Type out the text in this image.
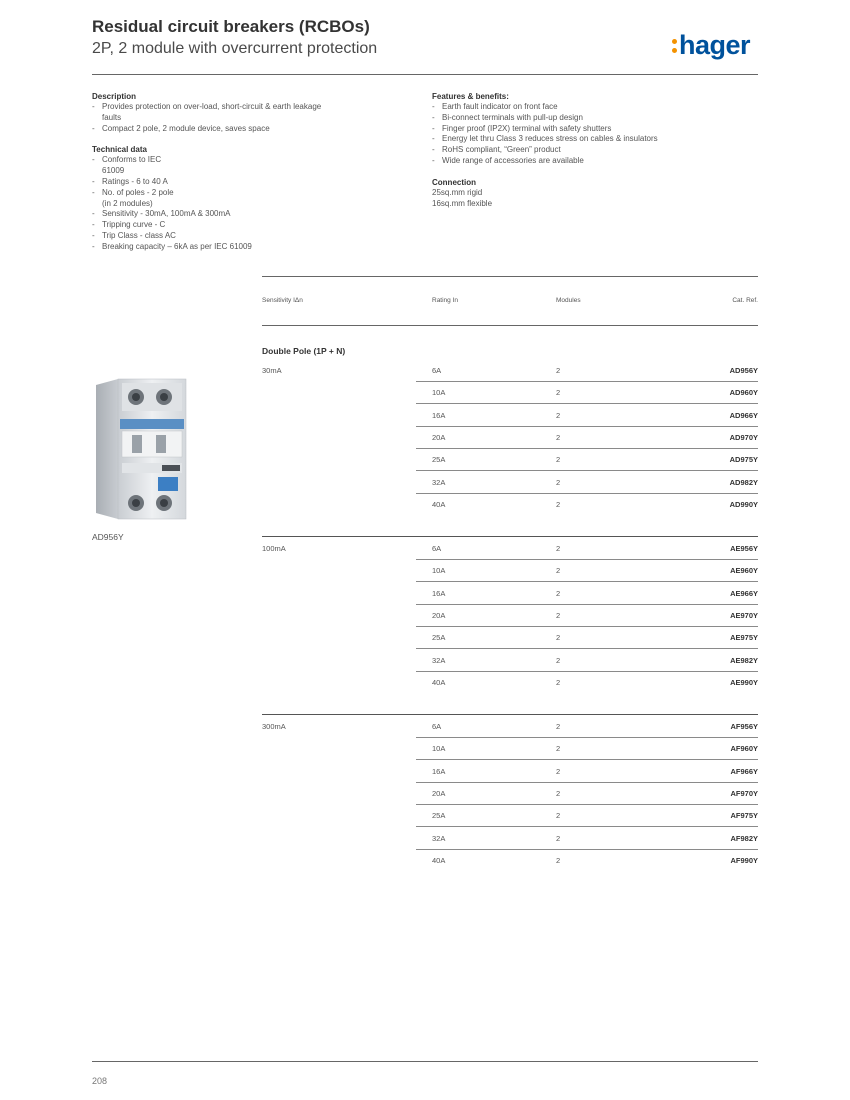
Residual circuit breakers (RCBOs)
2P, 2 module with overcurrent protection	hager
Description
- Provides protection on over-load, short-circuit & earth leakage faults
- Compact 2 pole, 2 module device, saves space
Technical data
- Conforms to IEC 61009
- Ratings - 6 to 40 A
- No. of poles - 2 pole (in 2 modules)
- Sensitivity - 30mA, 100mA & 300mA
- Tripping curve - C
- Trip Class - class AC
- Breaking capacity – 6kA as per IEC 61009
Features & benefits:
- Earth fault indicator on front face
- Bi-connect terminals with pull-up design
- Finger proof (IP2X) terminal with safety shutters
- Energy let thru Class 3 reduces stress on cables & insulators
- RoHS compliant, “Green” product
- Wide range of accessories are available
Connection
25sq.mm rigid
16sq.mm flexible
Sensitivity IΔn	Rating In	Modules	Cat. Ref.
Double Pole (1P + N)
AD956Y
30mA	6A	2	AD956Y
10A	2	AD960Y
16A	2	AD966Y
20A	2	AD970Y
25A	2	AD975Y
32A	2	AD982Y
40A	2	AD990Y
100mA	6A	2	AE956Y
10A	2	AE960Y
16A	2	AE966Y
20A	2	AE970Y
25A	2	AE975Y
32A	2	AE982Y
40A	2	AE990Y
300mA	6A	2	AF956Y
10A	2	AF960Y
16A	2	AF966Y
20A	2	AF970Y
25A	2	AF975Y
32A	2	AF982Y
40A	2	AF990Y
208
